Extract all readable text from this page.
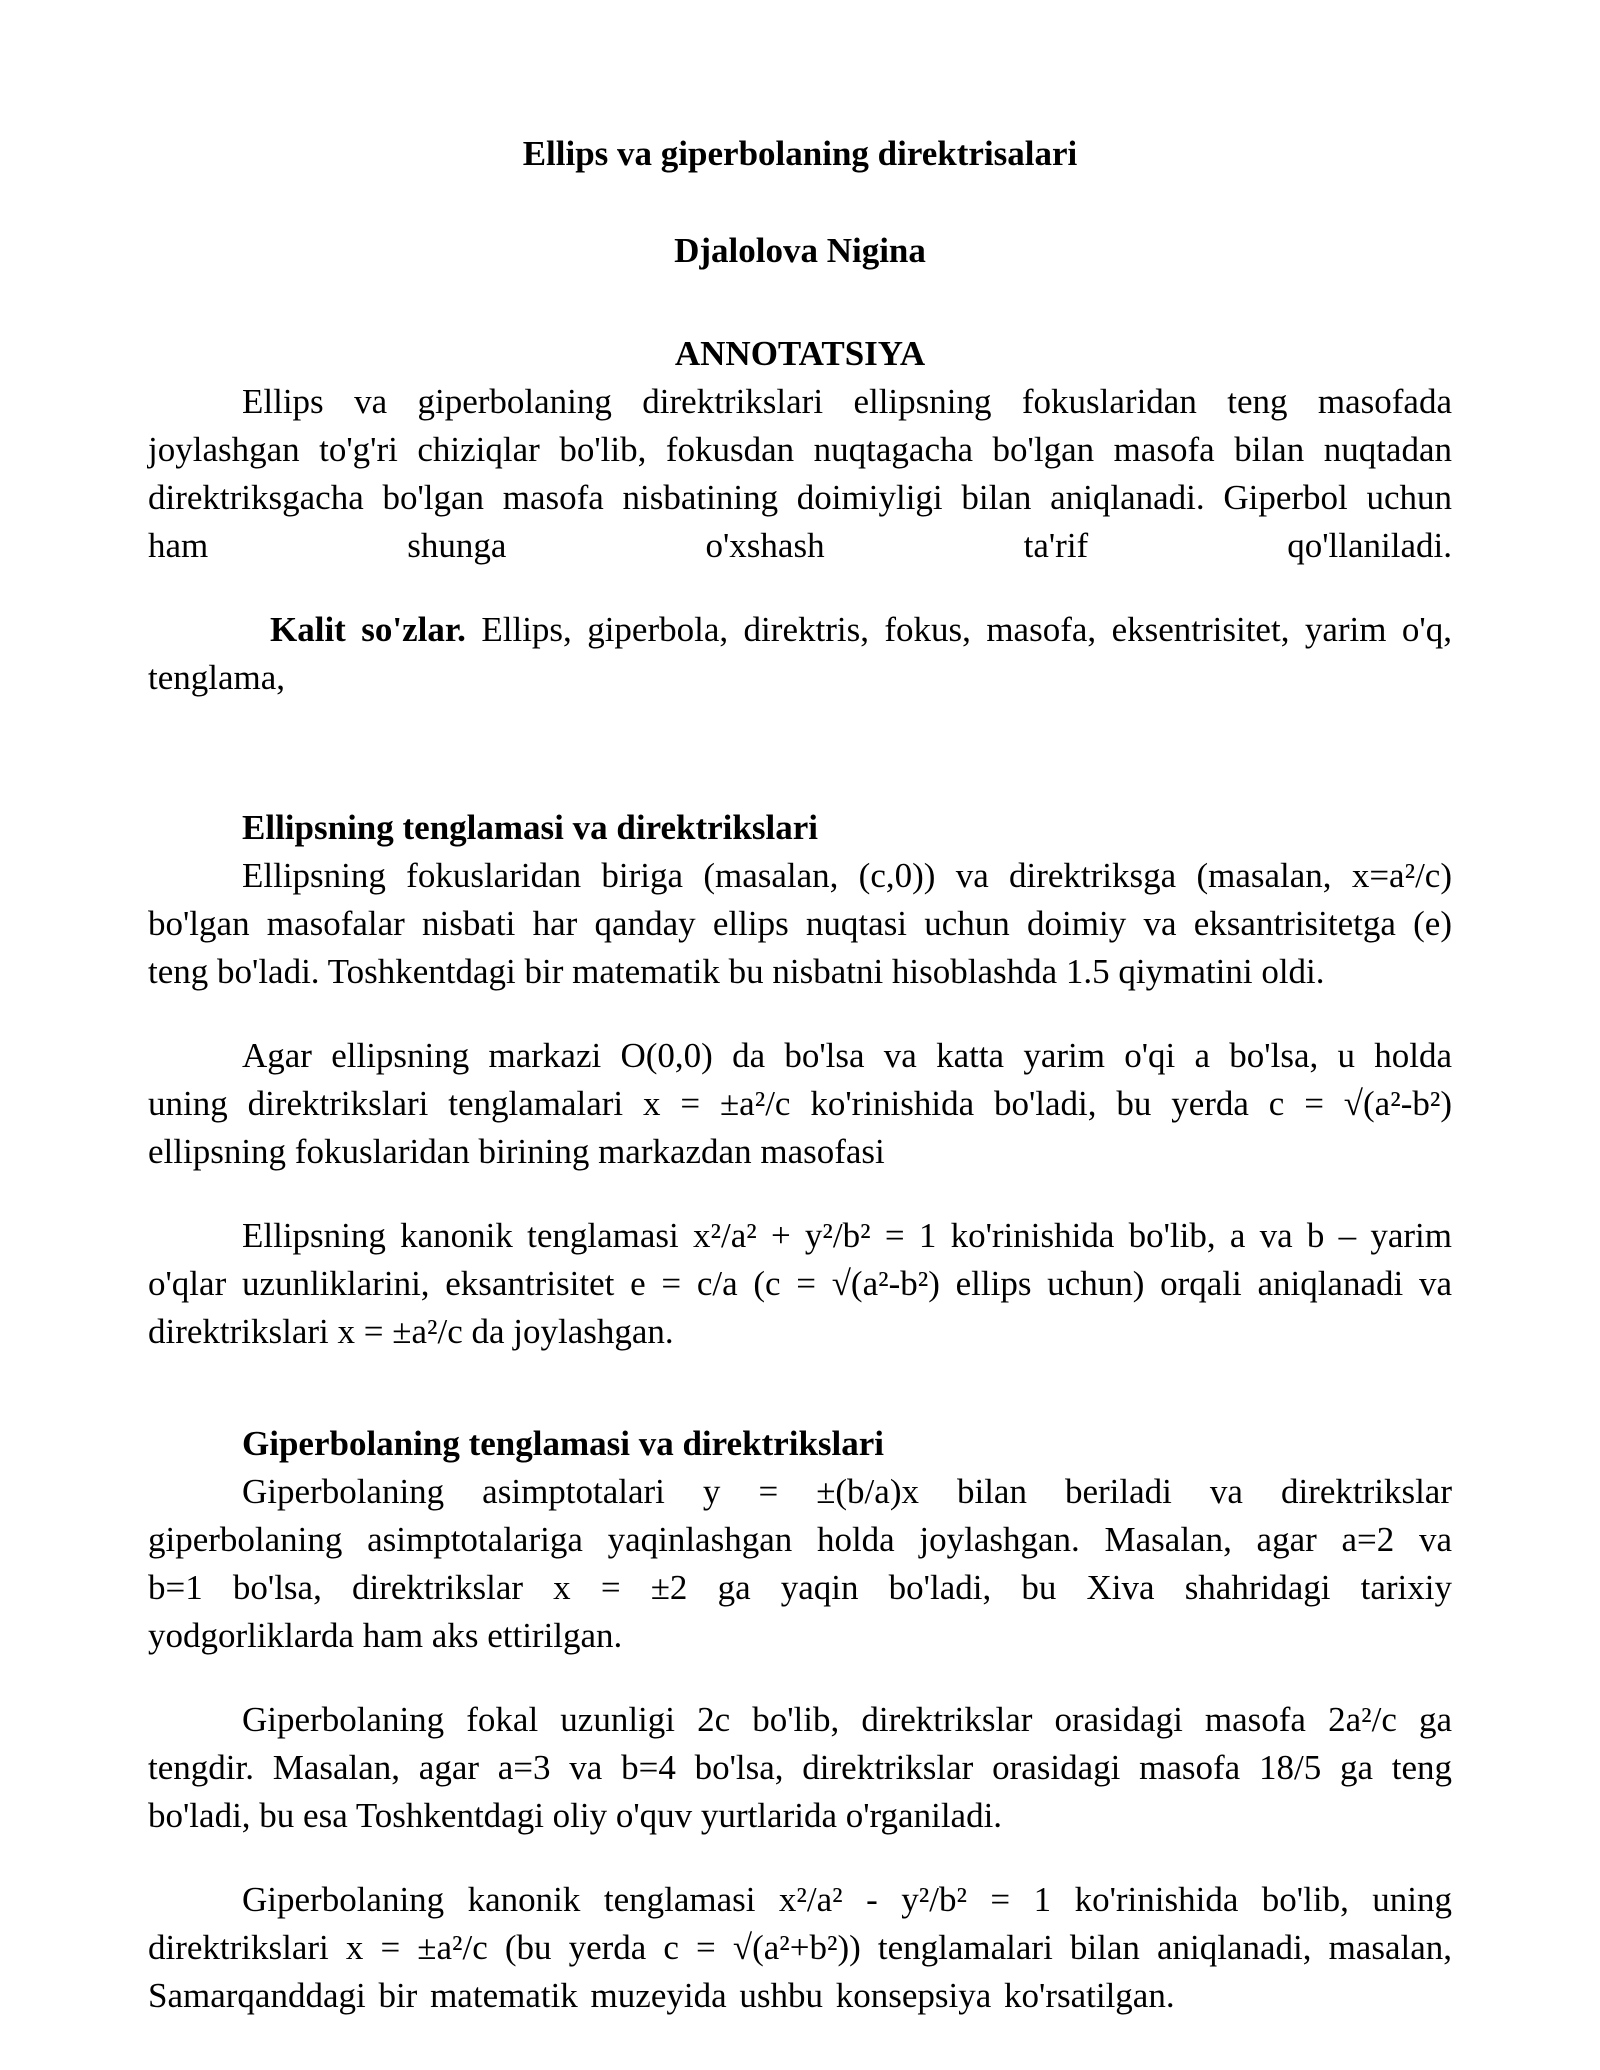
Ellips va giperbolaning direktrisalari
Djalolova Nigina
ANNOTATSIYA
Ellips va giperbolaning direktrikslari ellipsning fokuslaridan teng masofada
joylashgan to'g'ri chiziqlar bo'lib, fokusdan nuqtagacha bo'lgan masofa bilan nuqtadan
direktriksgacha bo'lgan masofa nisbatining doimiyligi bilan aniqlanadi. Giperbol uchun
ham shunga o'xshash ta'rif qo'llaniladi.
Kalit so'zlar. Ellips, giperbola, direktris, fokus, masofa, eksentrisitet, yarim o'q,
tenglama,
Ellipsning tenglamasi va direktrikslari
Ellipsning fokuslaridan biriga (masalan, (c,0)) va direktriksga (masalan, x=a²/c)
bo'lgan masofalar nisbati har qanday ellips nuqtasi uchun doimiy va eksantrisitetga (e)
teng bo'ladi. Toshkentdagi bir matematik bu nisbatni hisoblashda 1.5 qiymatini oldi.
Agar ellipsning markazi O(0,0) da bo'lsa va katta yarim o'qi a bo'lsa, u holda
uning direktrikslari tenglamalari x = ±a²/c ko'rinishida bo'ladi, bu yerda c = √(a²-b²)
ellipsning fokuslaridan birining markazdan masofasi
Ellipsning kanonik tenglamasi x²/a² + y²/b² = 1 ko'rinishida bo'lib, a va b – yarim
o'qlar uzunliklarini, eksantrisitet e = c/a (c = √(a²-b²) ellips uchun) orqali aniqlanadi va
direktrikslari x = ±a²/c da joylashgan.
Giperbolaning tenglamasi va direktrikslari
Giperbolaning asimptotalari y = ±(b/a)x bilan beriladi va direktrikslar
giperbolaning asimptotalariga yaqinlashgan holda joylashgan. Masalan, agar a=2 va
b=1 bo'lsa, direktrikslar x = ±2 ga yaqin bo'ladi, bu Xiva shahridagi tarixiy
yodgorliklarda ham aks ettirilgan.
Giperbolaning fokal uzunligi 2c bo'lib, direktrikslar orasidagi masofa 2a²/c ga
tengdir. Masalan, agar a=3 va b=4 bo'lsa, direktrikslar orasidagi masofa 18/5 ga teng
bo'ladi, bu esa Toshkentdagi oliy o'quv yurtlarida o'rganiladi.
Giperbolaning kanonik tenglamasi x²/a² - y²/b² = 1 ko'rinishida bo'lib, uning
direktrikslari x = ±a²/c (bu yerda c = √(a²+b²)) tenglamalari bilan aniqlanadi, masalan,
Samarqanddagi bir matematik muzeyida ushbu konsepsiya ko'rsatilgan.
